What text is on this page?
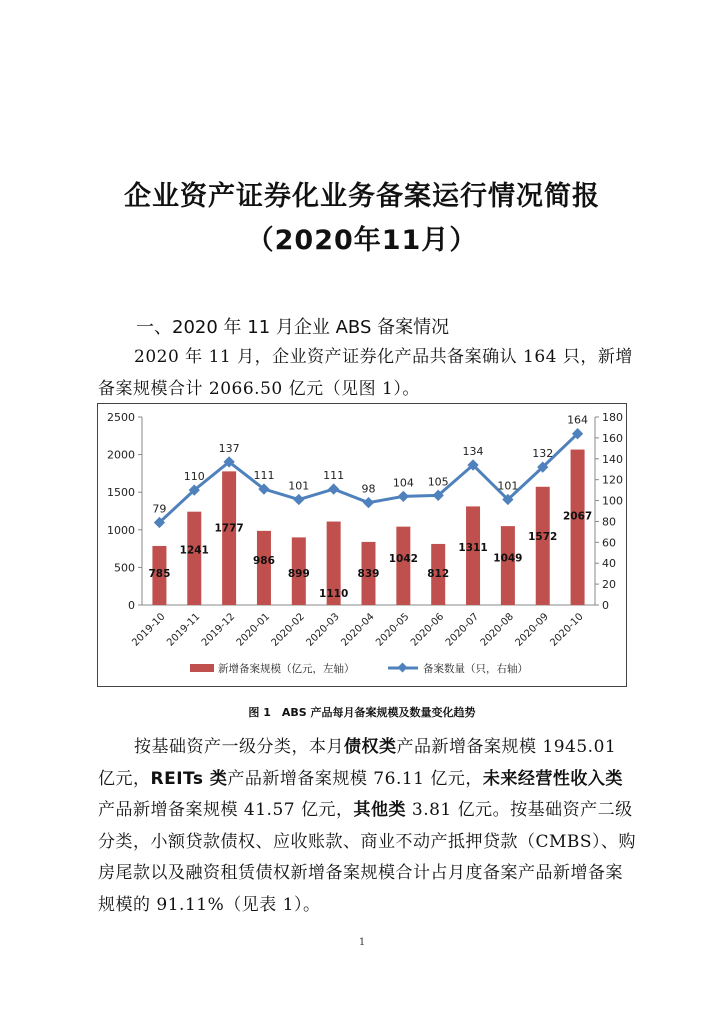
企业资产证券化业务备案运行情况简报
（2020年11月）
一、2020 年 11 月企业 ABS 备案情况
2020 年 11 月，企业资产证券化产品共备案确认 164 只，新增备案规模合计 2066.50 亿元（见图 1）。
0
500
1000
1500
2000
2500
0
20
40
60
80
100
120
140
160
180
785
1241
1777
986
899
1110
839
1042
812
1311
1049
1572
2067
79
110
137
111
101
111
98 104 105
134
101
132
164
2019-10
2019-11
2019-12
2020-01
2020-02
2020-03
2020-04
2020-05
2020-06
2020-07
2020-08
2020-09
2020-10
新增备案规模（亿元，左轴）	备案数量（只，右轴）
图 1　ABS 产品每月备案规模及数量变化趋势
按基础资产一级分类，本月债权类产品新增备案规模 1945.01 亿元，REITs 类产品新增备案规模 76.11 亿元，未来经营性收入类产品新增备案规模 41.57 亿元，其他类 3.81 亿元。按基础资产二级分类，小额贷款债权、应收账款、商业不动产抵押贷款（CMBS）、购房尾款以及融资租赁债权新增备案规模合计占月度备案产品新增备案规模的 91.11%（见表 1）。
1
